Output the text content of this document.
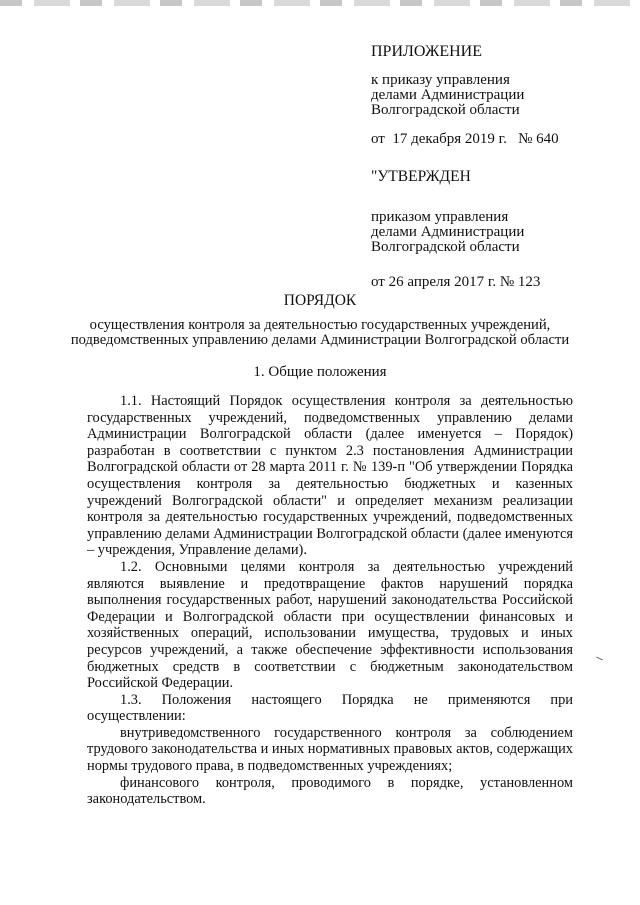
ПРИЛОЖЕНИЕ
к приказу управления
делами Администрации
Волгоградской области
от  17 декабря 2019 г.   № 640
"УТВЕРЖДЕН
приказом управления
делами Администрации
Волгоградской области
от 26 апреля 2017 г. № 123
ПОРЯДОК
осуществления контроля за деятельностью государственных учреждений,
подведомственных управлению делами Администрации Волгоградской области
1. Общие положения

1.1. Настоящий Порядок осуществления контроля за деятельностью государственных учреждений, подведомственных управлению делами Администрации Волгоградской области (далее именуется – Порядок) разработан в соответствии с пунктом 2.3 постановления Администрации Волгоградской области от 28 марта 2011 г. № 139-п "Об утверждении Порядка осуществления контроля за деятельностью бюджетных и казенных учреждений Волгоградской области" и определяет механизм реализации контроля за деятельностью государственных учреждений, подведомственных управлению делами Администрации Волгоградской области (далее именуются – учреждения, Управление делами).

1.2. Основными целями контроля за деятельностью учреждений являются выявление и предотвращение фактов нарушений порядка выполнения государственных работ, нарушений законодательства Российской Федерации и Волгоградской области при осуществлении финансовых и хозяйственных операций, использовании имущества, трудовых и иных ресурсов учреждений, а также обеспечение эффективности использования бюджетных средств в соответствии с бюджетным законодательством Российской Федерации.

1.3. Положения настоящего Порядка не применяются при осуществлении:

внутриведомственного государственного контроля за соблюдением трудового законодательства и иных нормативных правовых актов, содержащих нормы трудового права, в подведомственных учреждениях;

финансового контроля, проводимого в порядке, установленном законодательством.
